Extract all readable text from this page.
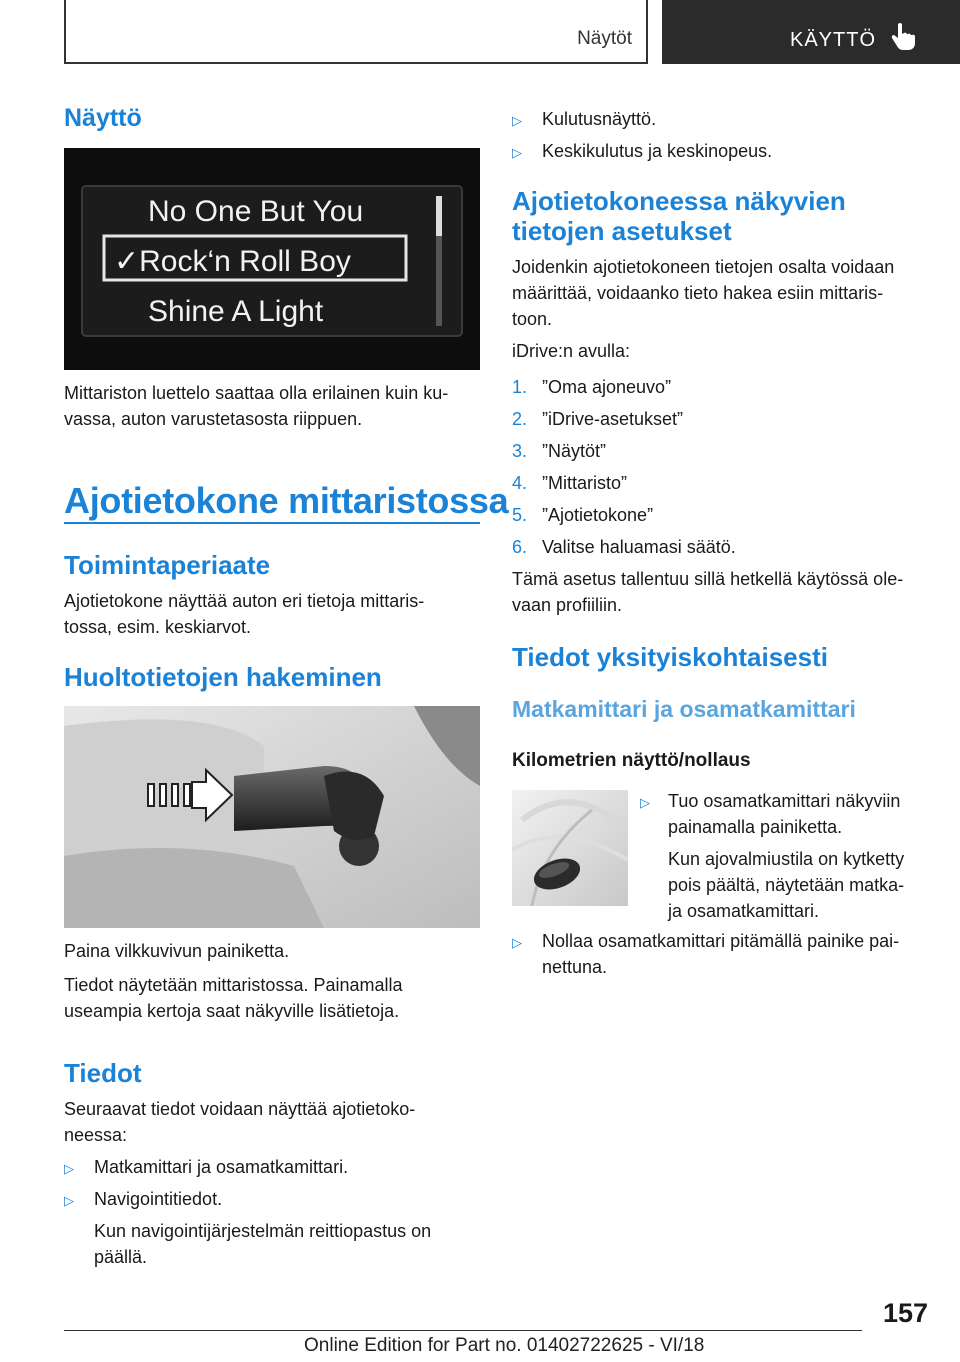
Näytöt	KÄYTTÖ
Näyttö
No One But You
✓Rock‘n Roll Boy
Shine A Light

Mittariston luettelo saattaa olla erilainen kuin ku-

vassa, auton varustetasosta riippuen.

Ajotietokone mittaristossa
Toimintaperiaate

Ajotietokone näyttää auton eri tietoja mittaris-

tossa, esim. keskiarvot.

Huoltotietojen hakeminen

Paina vilkkuvivun painiketta.

Tiedot näytetään mittaristossa. Painamalla

useampia kertoja saat näkyville lisätietoja.

Tiedot

Seuraavat tiedot voidaan näyttää ajotietoko-

neessa:

▷ Matkamittari ja osamatkamittari.
▷ Navigointitiedot.

Kun navigointijärjestelmän reittiopastus on

päällä.

▷ Kulutusnäyttö.
▷ Keskikulutus ja keskinopeus.
Ajotietokoneessa näkyvien
tietojen asetukset

Joidenkin ajotietokoneen tietojen osalta voidaan

määrittää, voidaanko tieto hakea esiin mittaris-

toon.

iDrive:n avulla:

1. ”Oma ajoneuvo”
2. ”iDrive-asetukset”
3. ”Näytöt”
4. ”Mittaristo”
5. ”Ajotietokone”
6. Valitse haluamasi säätö.

Tämä asetus tallentuu sillä hetkellä käytössä ole-

vaan profiiliin.

Tiedot yksityiskohtaisesti
Matkamittari ja osamatkamittari
Kilometrien näyttö/nollaus
▷ Tuo osamatkamittari näkyviin

painamalla painiketta.

Kun ajovalmiustila on kytketty

pois päältä, näytetään matka-

ja osamatkamittari.

▷ Nollaa osamatkamittari pitämällä painike pai-

nettuna.

157
Online Edition for Part no. 01402722625 - VI/18
